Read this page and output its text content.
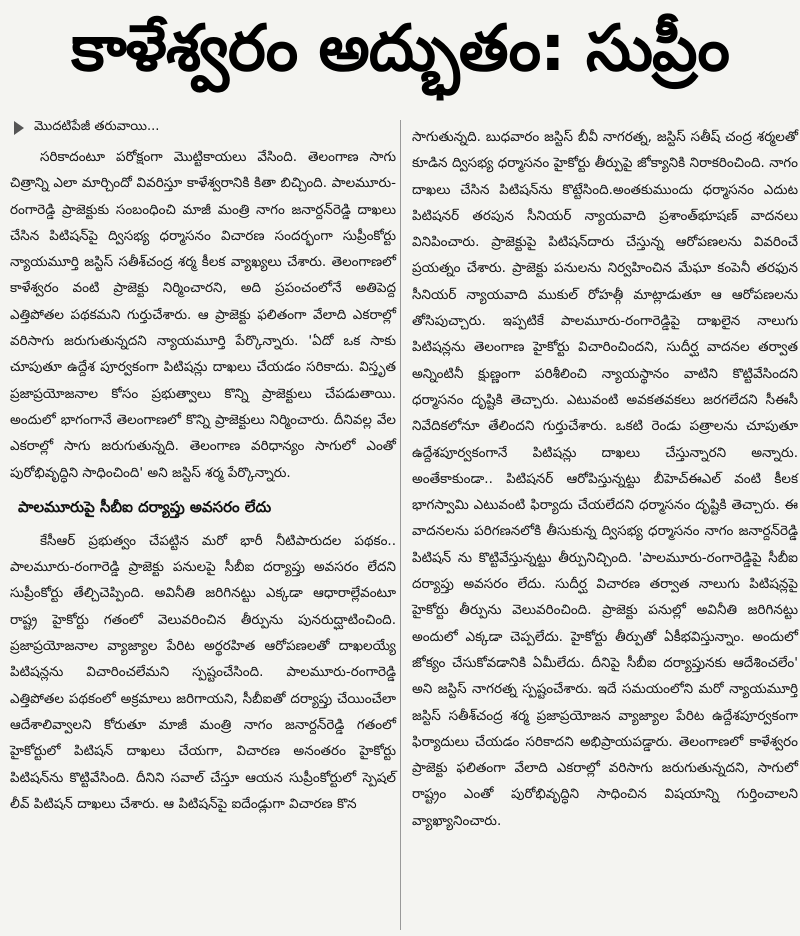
కాళేశ్వరం అద్భుతం: సుప్రీం
మొదటిపేజీ తరువాయి...

సరికాదంటూ పరోక్షంగా మొట్టికాయలు వేసింది. తెలంగాణ సాగు చిత్రాన్ని ఎలా మార్చిందో వివరిస్తూ కాళేశ్వరానికి కితా బిచ్చింది. పాలమూరు-రంగారెడ్డి ప్రాజెక్టుకు సంబంధించి మాజీ మంత్రి నాగం జనార్దన్‌రెడ్డి దాఖలు చేసిన పిటిషన్‌పై ద్విసభ్య ధర్మాసనం విచారణ సందర్భంగా సుప్రీంకోర్టు న్యాయమూర్తి జస్టిస్ సతీశ్‌చంద్ర శర్మ కీలక వ్యాఖ్యలు చేశారు. తెలంగాణలో కాళేశ్వరం వంటి ప్రాజెక్టు నిర్మించారని, అది ప్రపంచంలోనే అతిపెద్ద ఎత్తిపోతల పథకమని గుర్తుచేశారు. ఆ ప్రాజెక్టు ఫలితంగా వేలాది ఎకరాల్లో వరిసాగు జరుగుతున్నదని న్యాయమూర్తి పేర్కొన్నారు. 'ఏదో ఒక సాకు చూపుతూ ఉద్దేశ పూర్వకంగా పిటిషన్లు దాఖలు చేయడం సరికాదు. విస్తృత ప్రజాప్రయోజనాల కోసం ప్రభుత్వాలు కొన్ని ప్రాజెక్టులు చేపడుతాయి. అందులో భాగంగానే తెలంగాణలో కొన్ని ప్రాజెక్టులు నిర్మించారు. దీనివల్ల వేల ఎకరాల్లో సాగు జరుగుతున్నది. తెలంగాణ వరిధాన్యం సాగులో ఎంతో పురోభివృద్ధిని సాధించింది' అని జస్టిస్ శర్మ పేర్కొన్నారు.

పాలమూరుపై సీబీఐ దర్యాప్తు అవసరం లేదు

కేసీఆర్ ప్రభుత్వం చేపట్టిన మరో భారీ నీటిపారుదల పథకం.. పాలమూరు-రంగారెడ్డి ప్రాజెక్టు పనులపై సీబీఐ దర్యాప్తు అవసరం లేదని సుప్రీంకోర్టు తేల్చిచెప్పింది. అవినీతి జరిగినట్టు ఎక్కడా ఆధారాల్లేవంటూ రాష్ట్ర హైకోర్టు గతంలో వెలువరించిన తీర్పును పునరుద్ఘాటించింది. ప్రజాప్రయోజనాల వ్యాజ్యాల పేరిట అర్థరహిత ఆరోపణలతో దాఖలయ్యే పిటిషన్లను విచారించలేమని స్పష్టంచేసింది. పాలమూరు-రంగారెడ్డి ఎత్తిపోతల పథకంలో అక్రమాలు జరిగాయని, సీబీఐతో దర్యాప్తు చేయించేలా ఆదేశాలివ్వాలని కోరుతూ మాజీ మంత్రి నాగం జనార్దన్‌రెడ్డి గతంలో హైకోర్టులో పిటిషన్ దాఖలు చేయగా, విచారణ అనంతరం హైకోర్టు పిటిషన్‌ను కొట్టివేసింది. దీనిని సవాల్ చేస్తూ ఆయన సుప్రీంకోర్టులో స్పెషల్ లీవ్ పిటిషన్ దాఖలు చేశారు. ఆ పిటిషన్‌పై ఐదేండ్లుగా విచారణ కొన

సాగుతున్నది. బుధవారం జస్టిస్ బీవీ నాగరత్న, జస్టిస్ సతీష్ చంద్ర శర్మలతో కూడిన ద్విసభ్య ధర్మాసనం హైకోర్టు తీర్పుపై జోక్యానికి నిరాకరించింది. నాగం దాఖలు చేసిన పిటిషన్‌ను కొట్టేసింది.అంతకుముందు ధర్మాసనం ఎదుట పిటిషనర్ తరపున సీనియర్ న్యాయవాది ప్రశాంత్‌భూషణ్ వాదనలు వినిపించారు. ప్రాజెక్టుపై పిటిషన్‌దారు చేస్తున్న ఆరోపణలను వివరించే ప్రయత్నం చేశారు. ప్రాజెక్టు పనులను నిర్వహించిన మేఘా కంపెనీ తరఫున సీనియర్ న్యాయవాది ముకుల్ రోహత్గీ మాట్లాడుతూ ఆ ఆరోపణలను తోసిపుచ్చారు. ఇప్పటికే పాలమూరు-రంగారెడ్డిపై దాఖలైన నాలుగు పిటిషన్లను తెలంగాణ హైకోర్టు విచారించిందని, సుదీర్ఘ వాదనల తర్వాత అన్నింటినీ క్షుణ్ణంగా పరిశీలించి న్యాయస్థానం వాటిని కొట్టివేసిందని ధర్మాసనం దృష్టికి తెచ్చారు. ఎటువంటి అవకతవకలు జరగలేదని సీఈసీ నివేదికలోనూ తేలిందని గుర్తుచేశారు. ఒకటి రెండు పత్రాలను చూపుతూ ఉద్దేశపూర్వకంగానే పిటిషన్లు దాఖలు చేస్తున్నారని అన్నారు. అంతేకాకుండా.. పిటిషనర్ ఆరోపిస్తున్నట్టు బీహెచ్‌ఈఎల్ వంటి కీలక భాగస్వామి ఎటువంటి ఫిర్యాదు చేయలేదని ధర్మాసనం దృష్టికి తెచ్చారు. ఈ వాదనలను పరిగణనలోకి తీసుకున్న ద్విసభ్య ధర్మాసనం నాగం జనార్దన్‌రెడ్డి పిటిషన్ ను కొట్టివేస్తున్నట్టు తీర్పునిచ్చింది. 'పాలమూరు-రంగారెడ్డిపై సీబీఐ దర్యాప్తు అవసరం లేదు. సుదీర్ఘ విచారణ తర్వాత నాలుగు పిటిషన్లపై హైకోర్టు తీర్పును వెలువరించింది. ప్రాజెక్టు పనుల్లో అవినీతి జరిగినట్టు అందులో ఎక్కడా చెప్పలేదు. హైకోర్టు తీర్పుతో ఏకీభవిస్తున్నాం. అందులో జోక్యం చేసుకోవడానికి ఏమీలేదు. దీనిపై సీబీఐ దర్యాప్తునకు ఆదేశించలేం' అని జస్టిస్ నాగరత్న స్పష్టంచేశారు. ఇదే సమయంలోని మరో న్యాయమూర్తి జస్టిస్ సతీశ్‌చంద్ర శర్మ ప్రజాప్రయోజన వ్యాజ్యాల పేరిట ఉద్దేశపూర్వకంగా ఫిర్యాదులు చేయడం సరికాదని అభిప్రాయపడ్డారు. తెలంగాణలో కాళేశ్వరం ప్రాజెక్టు ఫలితంగా వేలాది ఎకరాల్లో వరిసాగు జరుగుతున్నదని, సాగులో రాష్ట్రం ఎంతో పురోభివృద్ధిని సాధించిన విషయాన్ని గుర్తించాలని వ్యాఖ్యానించారు.
